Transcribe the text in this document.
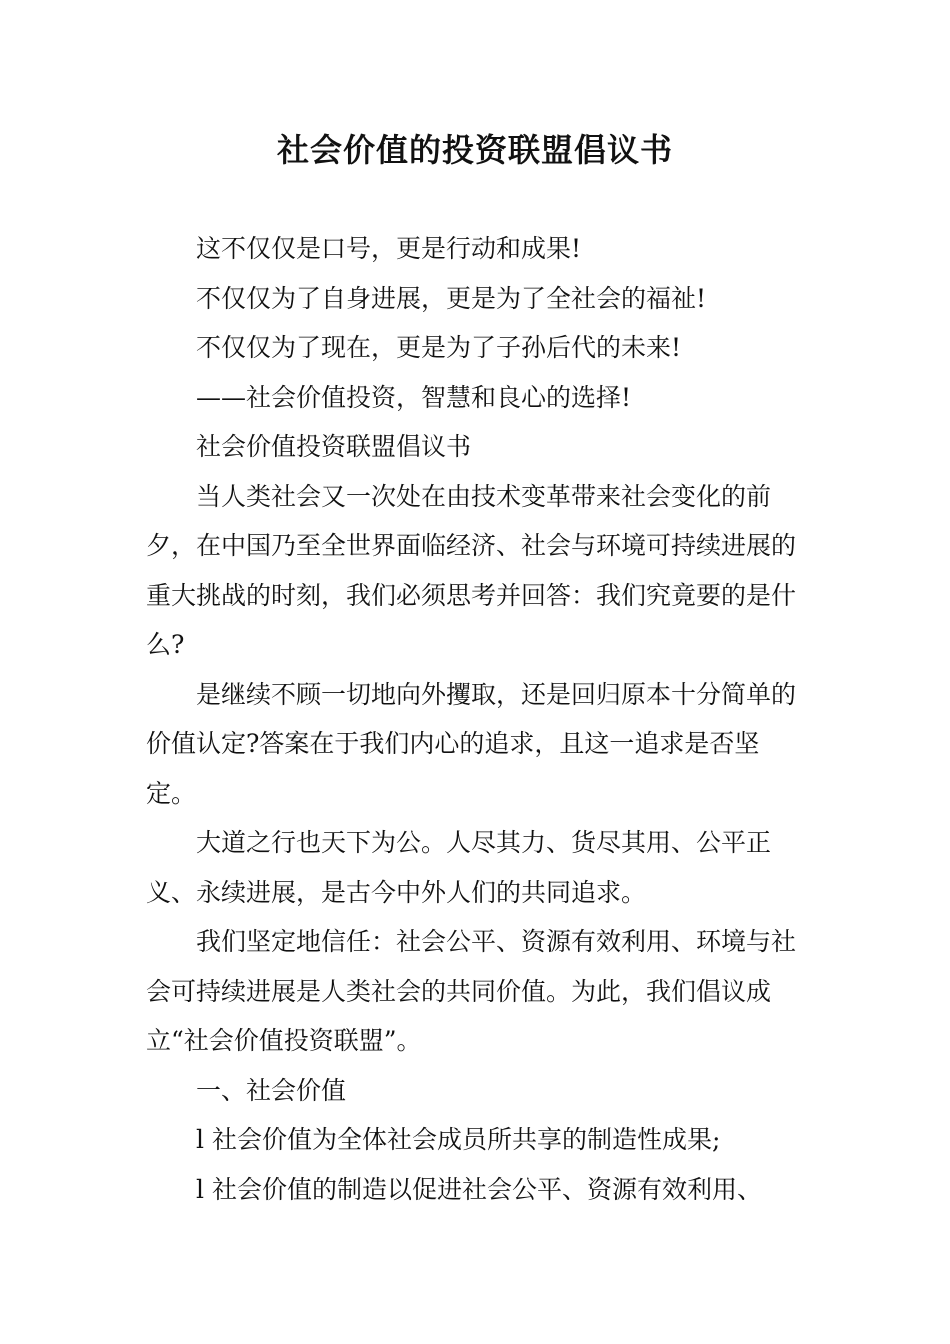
社会价值的投资联盟倡议书

这不仅仅是口号，更是行动和成果!

不仅仅为了自身进展，更是为了全社会的福祉!

不仅仅为了现在，更是为了子孙后代的未来!

——社会价值投资，智慧和良心的选择!

社会价值投资联盟倡议书

当人类社会又一次处在由技术变革带来社会变化的前夕，在中国乃至全世界面临经济、社会与环境可持续进展的重大挑战的时刻，我们必须思考并回答：我们究竟要的是什么?

是继续不顾一切地向外攫取，还是回归原本十分简单的价值认定?答案在于我们内心的追求，且这一追求是否坚定。

大道之行也天下为公。人尽其力、货尽其用、公平正义、永续进展，是古今中外人们的共同追求。

我们坚定地信任：社会公平、资源有效利用、环境与社会可持续进展是人类社会的共同价值。为此，我们倡议成立“社会价值投资联盟”。

一、社会价值

l 社会价值为全体社会成员所共享的制造性成果;

l 社会价值的制造以促进社会公平、资源有效利用、
